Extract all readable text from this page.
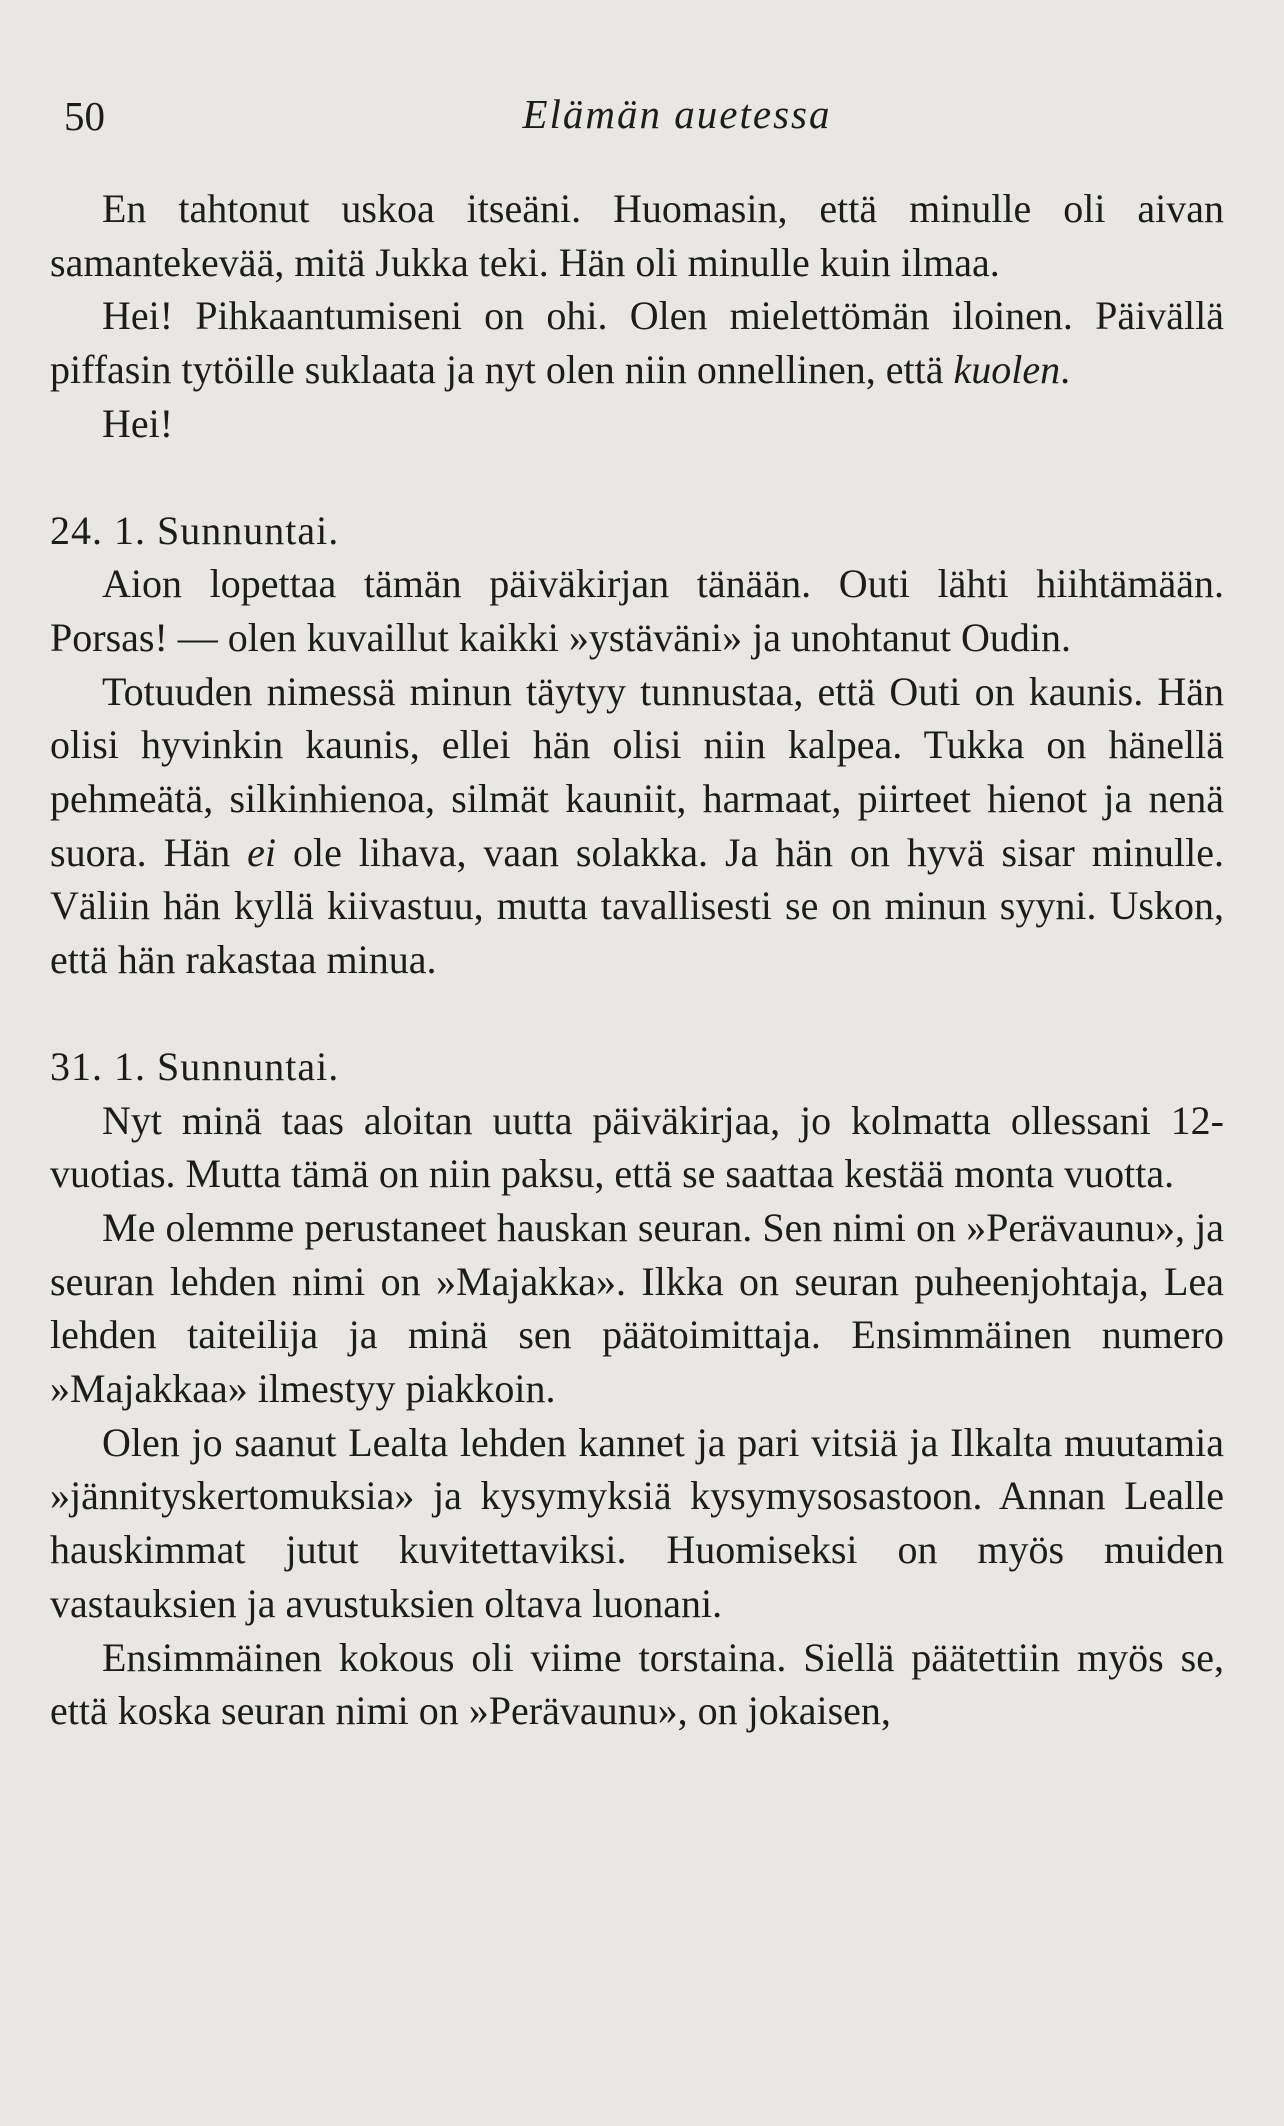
50	Elämän auetessa

En tahtonut uskoa itseäni. Huomasin, että minulle oli aivan samantekevää, mitä Jukka teki. Hän oli minulle kuin ilmaa.

Hei! Pihkaantumiseni on ohi. Olen mielettömän iloinen. Päivällä piffasin tytöille suklaata ja nyt olen niin onnellinen, että kuolen.

Hei!

24. 1. Sunnuntai.

Aion lopettaa tämän päiväkirjan tänään. Outi lähti hiihtämään. Porsas! — olen kuvaillut kaikki »ystäväni» ja unohtanut Oudin.

Totuuden nimessä minun täytyy tunnustaa, että Outi on kaunis. Hän olisi hyvinkin kaunis, ellei hän olisi niin kalpea. Tukka on hänellä pehmeätä, silkinhienoa, silmät kauniit, harmaat, piirteet hienot ja nenä suora. Hän ei ole lihava, vaan solakka. Ja hän on hyvä sisar minulle. Väliin hän kyllä kiivastuu, mutta tavallisesti se on minun syyni. Uskon, että hän rakastaa minua.

31. 1. Sunnuntai.

Nyt minä taas aloitan uutta päiväkirjaa, jo kolmatta ollessani 12-vuotias. Mutta tämä on niin paksu, että se saattaa kestää monta vuotta.

Me olemme perustaneet hauskan seuran. Sen nimi on »Perävaunu», ja seuran lehden nimi on »Majakka». Ilkka on seuran puheenjohtaja, Lea lehden taiteilija ja minä sen päätoimittaja. Ensimmäinen numero »Majakkaa» ilmestyy piakkoin.

Olen jo saanut Lealta lehden kannet ja pari vitsiä ja Ilkalta muutamia »jännityskertomuksia» ja kysymyksiä kysymysosastoon. Annan Lealle hauskimmat jutut kuvitettaviksi. Huomiseksi on myös muiden vastauksien ja avustuksien oltava luonani.

Ensimmäinen kokous oli viime torstaina. Siellä päätettiin myös se, että koska seuran nimi on »Perävaunu», on jokaisen,
